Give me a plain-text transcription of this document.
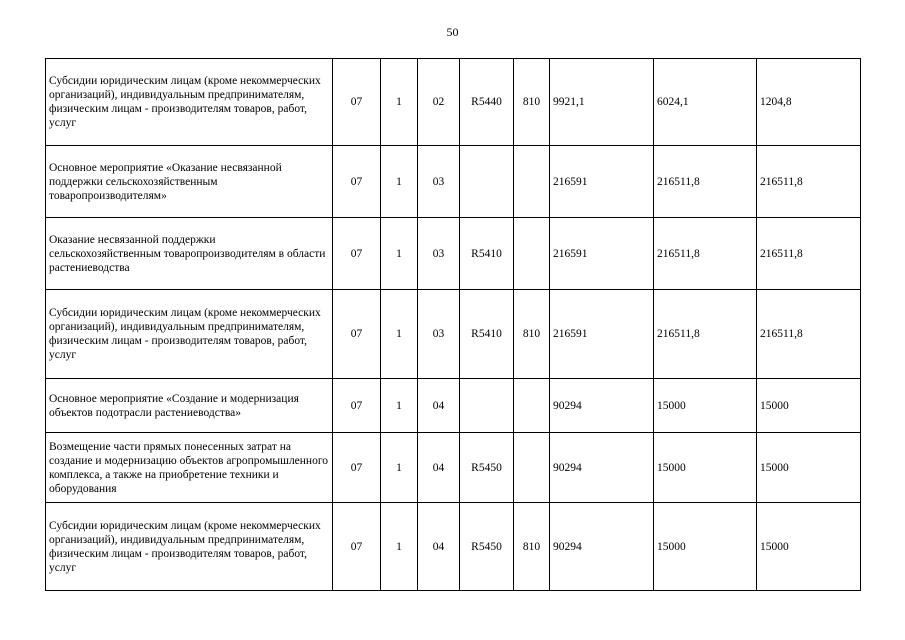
50
Субсидии юридическим лицам (кроме некоммерческих организаций), индивидуальным предпринимателям, физическим лицам - производителям товаров, работ, услуг	07	1	02	R5440	810	9921,1	6024,1	1204,8
Основное мероприятие «Оказание несвязанной поддержки сельскохозяйственным товаропроизводителям»	07	1	03			216591	216511,8	216511,8
Оказание несвязанной поддержки сельскохозяйственным товаропроизводителям в области растениеводства	07	1	03	R5410		216591	216511,8	216511,8
Субсидии юридическим лицам (кроме некоммерческих организаций), индивидуальным предпринимателям, физическим лицам - производителям товаров, работ, услуг	07	1	03	R5410	810	216591	216511,8	216511,8
Основное мероприятие «Создание и модернизация объектов подотрасли растениеводства»	07	1	04			90294	15000	15000
Возмещение части прямых понесенных затрат на создание и модернизацию объектов агропромышленного комплекса, а также на приобретение техники и оборудования	07	1	04	R5450		90294	15000	15000
Субсидии юридическим лицам (кроме некоммерческих организаций), индивидуальным предпринимателям, физическим лицам - производителям товаров, работ, услуг	07	1	04	R5450	810	90294	15000	15000
